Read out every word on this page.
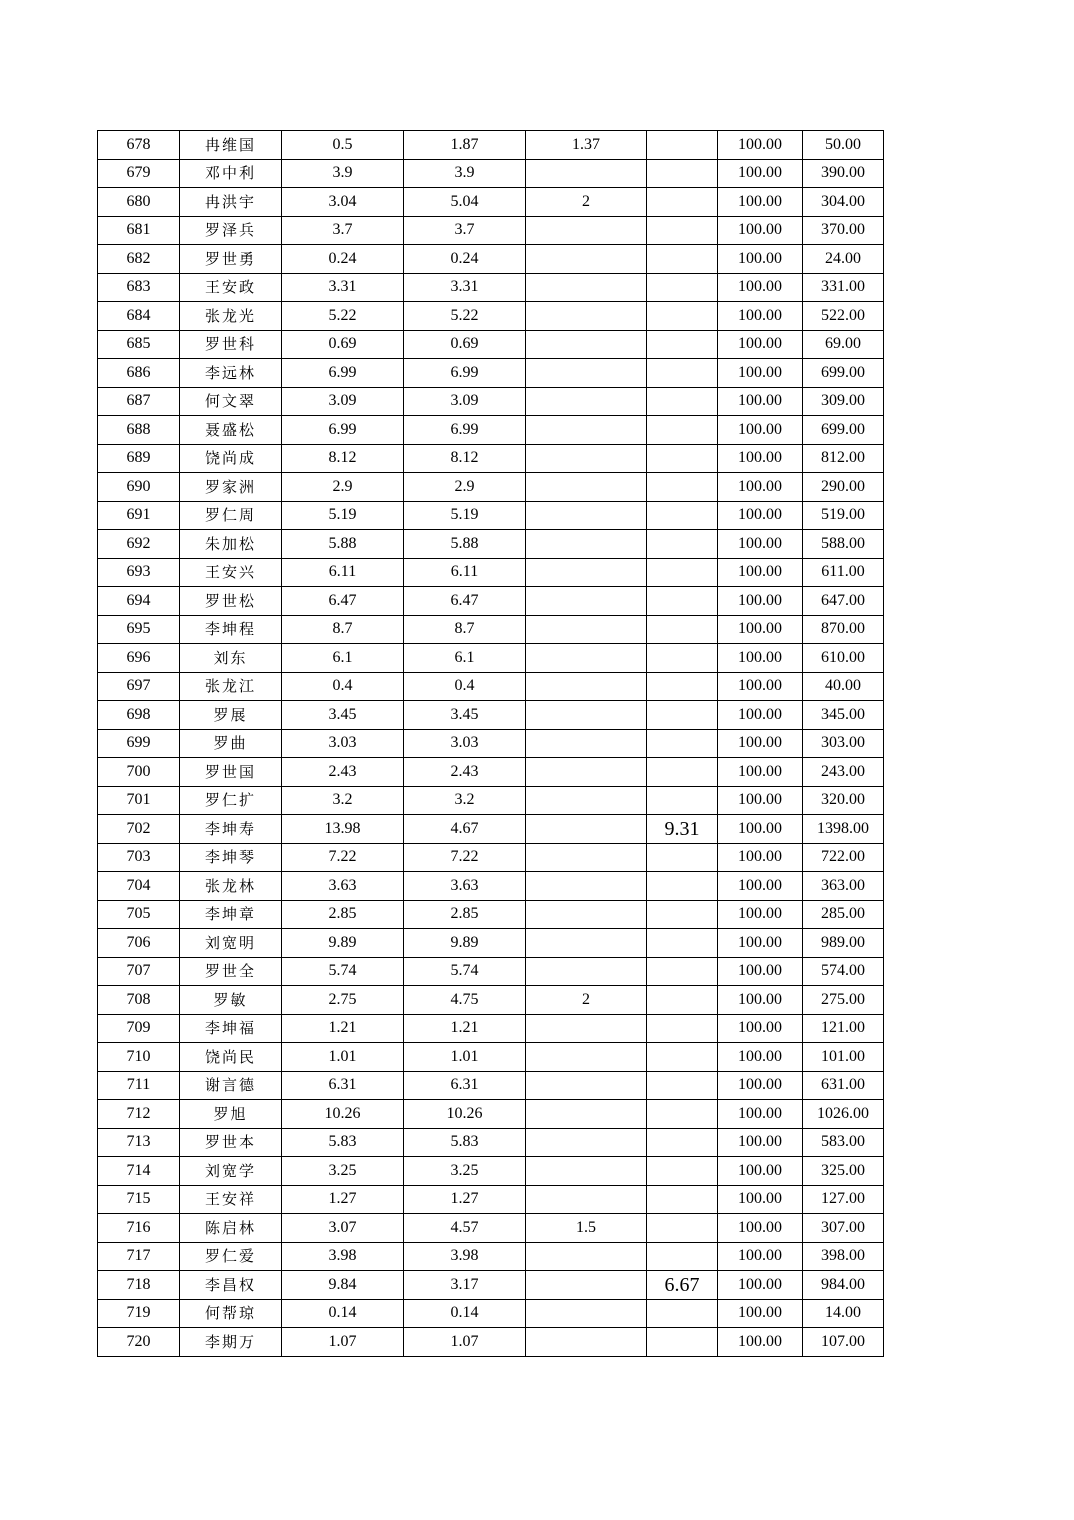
678	冉维国	0.5	1.87	1.37		100.00	50.00
679	邓中利	3.9	3.9			100.00	390.00
680	冉洪宇	3.04	5.04	2		100.00	304.00
681	罗泽兵	3.7	3.7			100.00	370.00
682	罗世勇	0.24	0.24			100.00	24.00
683	王安政	3.31	3.31			100.00	331.00
684	张龙光	5.22	5.22			100.00	522.00
685	罗世科	0.69	0.69			100.00	69.00
686	李远林	6.99	6.99			100.00	699.00
687	何文翠	3.09	3.09			100.00	309.00
688	聂盛松	6.99	6.99			100.00	699.00
689	饶尚成	8.12	8.12			100.00	812.00
690	罗家洲	2.9	2.9			100.00	290.00
691	罗仁周	5.19	5.19			100.00	519.00
692	朱加松	5.88	5.88			100.00	588.00
693	王安兴	6.11	6.11			100.00	611.00
694	罗世松	6.47	6.47			100.00	647.00
695	李坤程	8.7	8.7			100.00	870.00
696	刘东	6.1	6.1			100.00	610.00
697	张龙江	0.4	0.4			100.00	40.00
698	罗展	3.45	3.45			100.00	345.00
699	罗曲	3.03	3.03			100.00	303.00
700	罗世国	2.43	2.43			100.00	243.00
701	罗仁扩	3.2	3.2			100.00	320.00
702	李坤寿	13.98	4.67		9.31	100.00	1398.00
703	李坤琴	7.22	7.22			100.00	722.00
704	张龙林	3.63	3.63			100.00	363.00
705	李坤章	2.85	2.85			100.00	285.00
706	刘宽明	9.89	9.89			100.00	989.00
707	罗世全	5.74	5.74			100.00	574.00
708	罗敏	2.75	4.75	2		100.00	275.00
709	李坤福	1.21	1.21			100.00	121.00
710	饶尚民	1.01	1.01			100.00	101.00
711	谢言德	6.31	6.31			100.00	631.00
712	罗旭	10.26	10.26			100.00	1026.00
713	罗世本	5.83	5.83			100.00	583.00
714	刘宽学	3.25	3.25			100.00	325.00
715	王安祥	1.27	1.27			100.00	127.00
716	陈启林	3.07	4.57	1.5		100.00	307.00
717	罗仁爱	3.98	3.98			100.00	398.00
718	李昌权	9.84	3.17		6.67	100.00	984.00
719	何帮琼	0.14	0.14			100.00	14.00
720	李期万	1.07	1.07			100.00	107.00
